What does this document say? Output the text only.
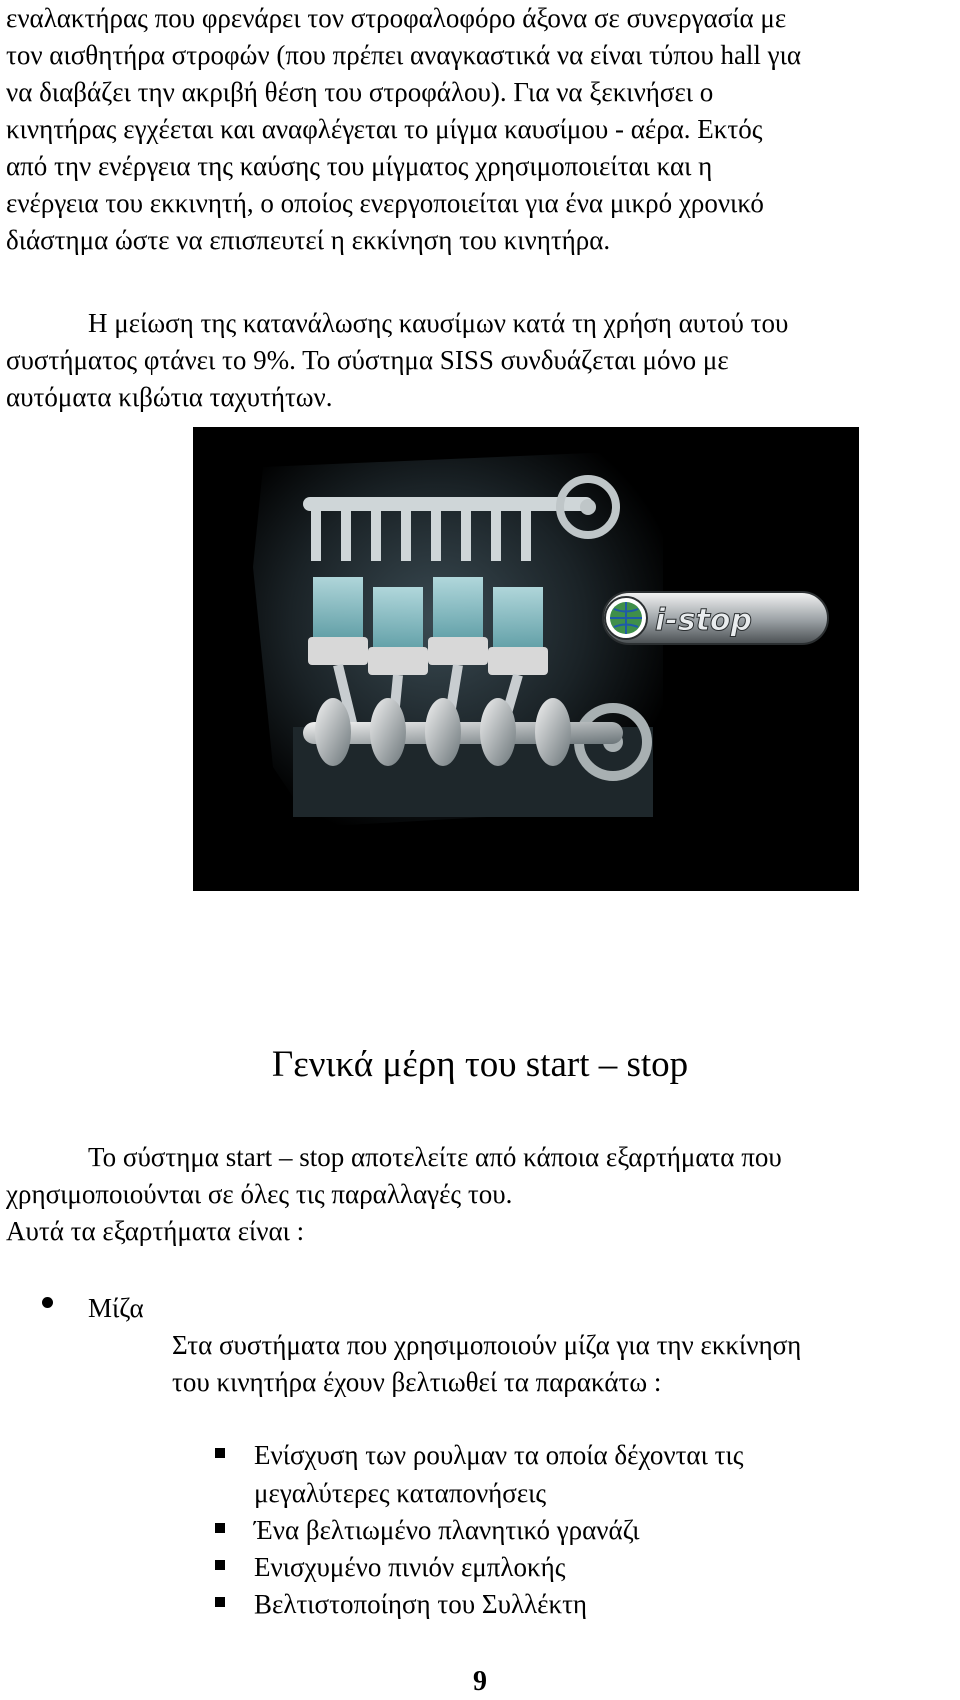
εναλακτήρας που φρενάρει τον στροφαλοφόρο άξονα σε συνεργασία με
τον αισθητήρα στροφών (που πρέπει αναγκαστικά να είναι τύπου hall για
να διαβάζει την ακριβή θέση του στροφάλου). Για να ξεκινήσει ο
κινητήρας εγχέεται και αναφλέγεται το μίγμα καυσίμου - αέρα. Εκτός
από την ενέργεια της καύσης του μίγματος χρησιμοποιείται και η
ενέργεια του εκκινητή, ο οποίος ενεργοποιείται για ένα μικρό χρονικό
διάστημα ώστε να επισπευτεί η εκκίνηση του κινητήρα.
Η μείωση της κατανάλωσης καυσίμων κατά τη χρήση αυτού του
συστήματος φτάνει το 9%. Το σύστημα SISS συνδυάζεται μόνο με
αυτόματα κιβώτια ταχυτήτων.
i-stop
Γενικά μέρη του start – stop
Το σύστημα start – stop αποτελείτε από κάποια εξαρτήματα που
χρησιμοποιούνται σε όλες τις παραλλαγές του.
Αυτά τα εξαρτήματα είναι :
Μίζα
Στα συστήματα που χρησιμοποιούν μίζα για την εκκίνηση
του κινητήρα έχουν βελτιωθεί τα παρακάτω :
Ενίσχυση των ρουλμαν τα οποία δέχονται τις
μεγαλύτερες καταπονήσεις
Ένα βελτιωμένο πλανητικό γρανάζι
Ενισχυμένο πινιόν εμπλοκής
Βελτιστοποίηση του Συλλέκτη
9
